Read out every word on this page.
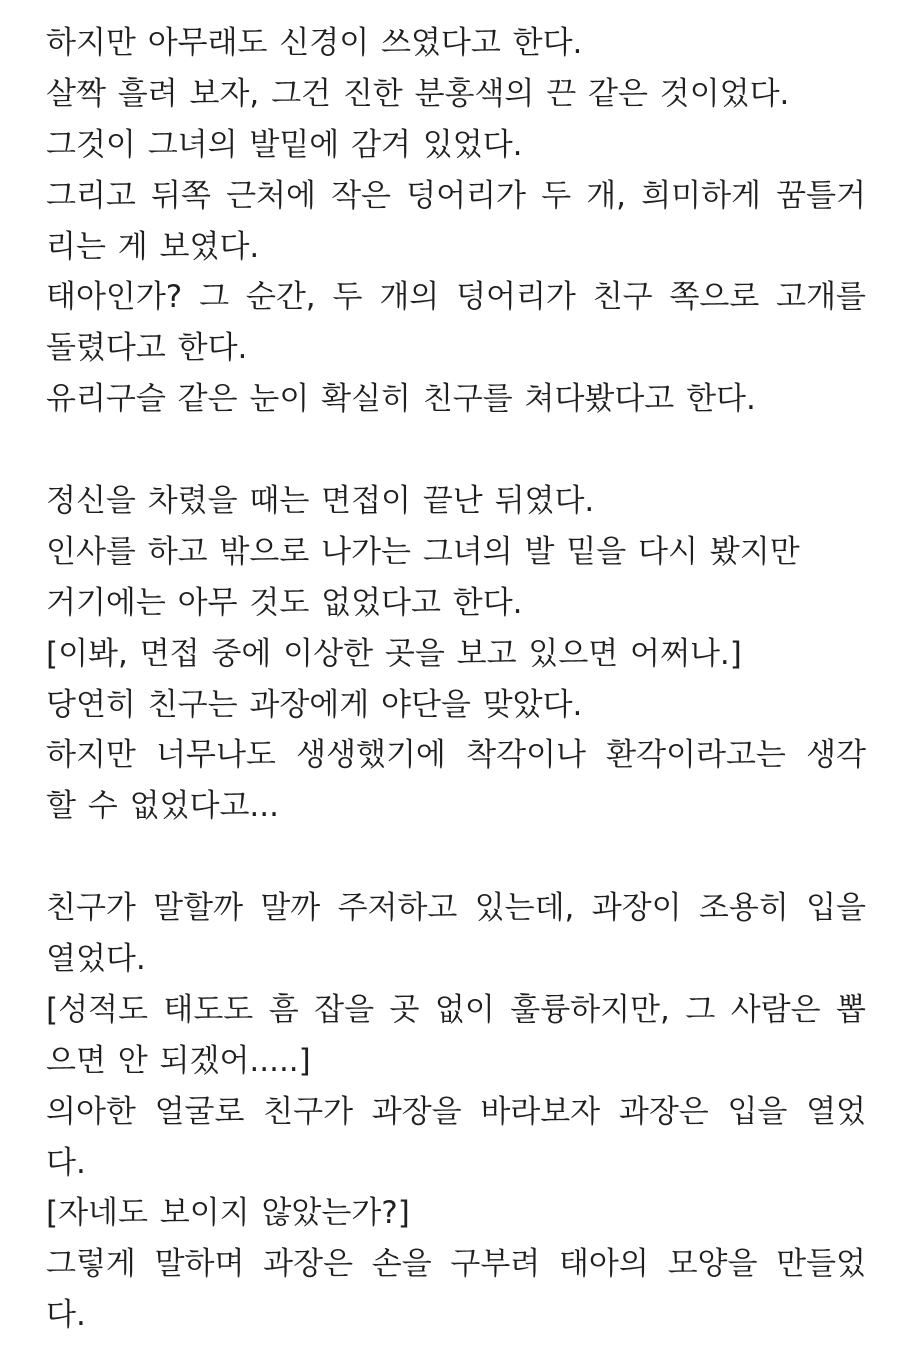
하지만 아무래도 신경이 쓰였다고 한다.
살짝 흘려 보자, 그건 진한 분홍색의 끈 같은 것이었다.
그것이 그녀의 발밑에 감겨 있었다.
그리고 뒤쪽 근처에 작은 덩어리가 두 개, 희미하게 꿈틀거
리는 게 보였다.
태아인가? 그 순간, 두 개의 덩어리가 친구 쪽으로 고개를
돌렸다고 한다.
유리구슬 같은 눈이 확실히 친구를 쳐다봤다고 한다.
정신을 차렸을 때는 면접이 끝난 뒤였다.
인사를 하고 밖으로 나가는 그녀의 발 밑을 다시 봤지만
거기에는 아무 것도 없었다고 한다.
[이봐, 면접 중에 이상한 곳을 보고 있으면 어쩌나.]
당연히 친구는 과장에게 야단을 맞았다.
하지만 너무나도 생생했기에 착각이나 환각이라고는 생각
할 수 없었다고...
친구가 말할까 말까 주저하고 있는데, 과장이 조용히 입을
열었다.
[성적도 태도도 흠 잡을 곳 없이 훌륭하지만, 그 사람은 뽑
으면 안 되겠어.....]
의아한 얼굴로 친구가 과장을 바라보자 과장은 입을 열었
다.
[자네도 보이지 않았는가?]
그렇게 말하며 과장은 손을 구부려 태아의 모양을 만들었
다.
